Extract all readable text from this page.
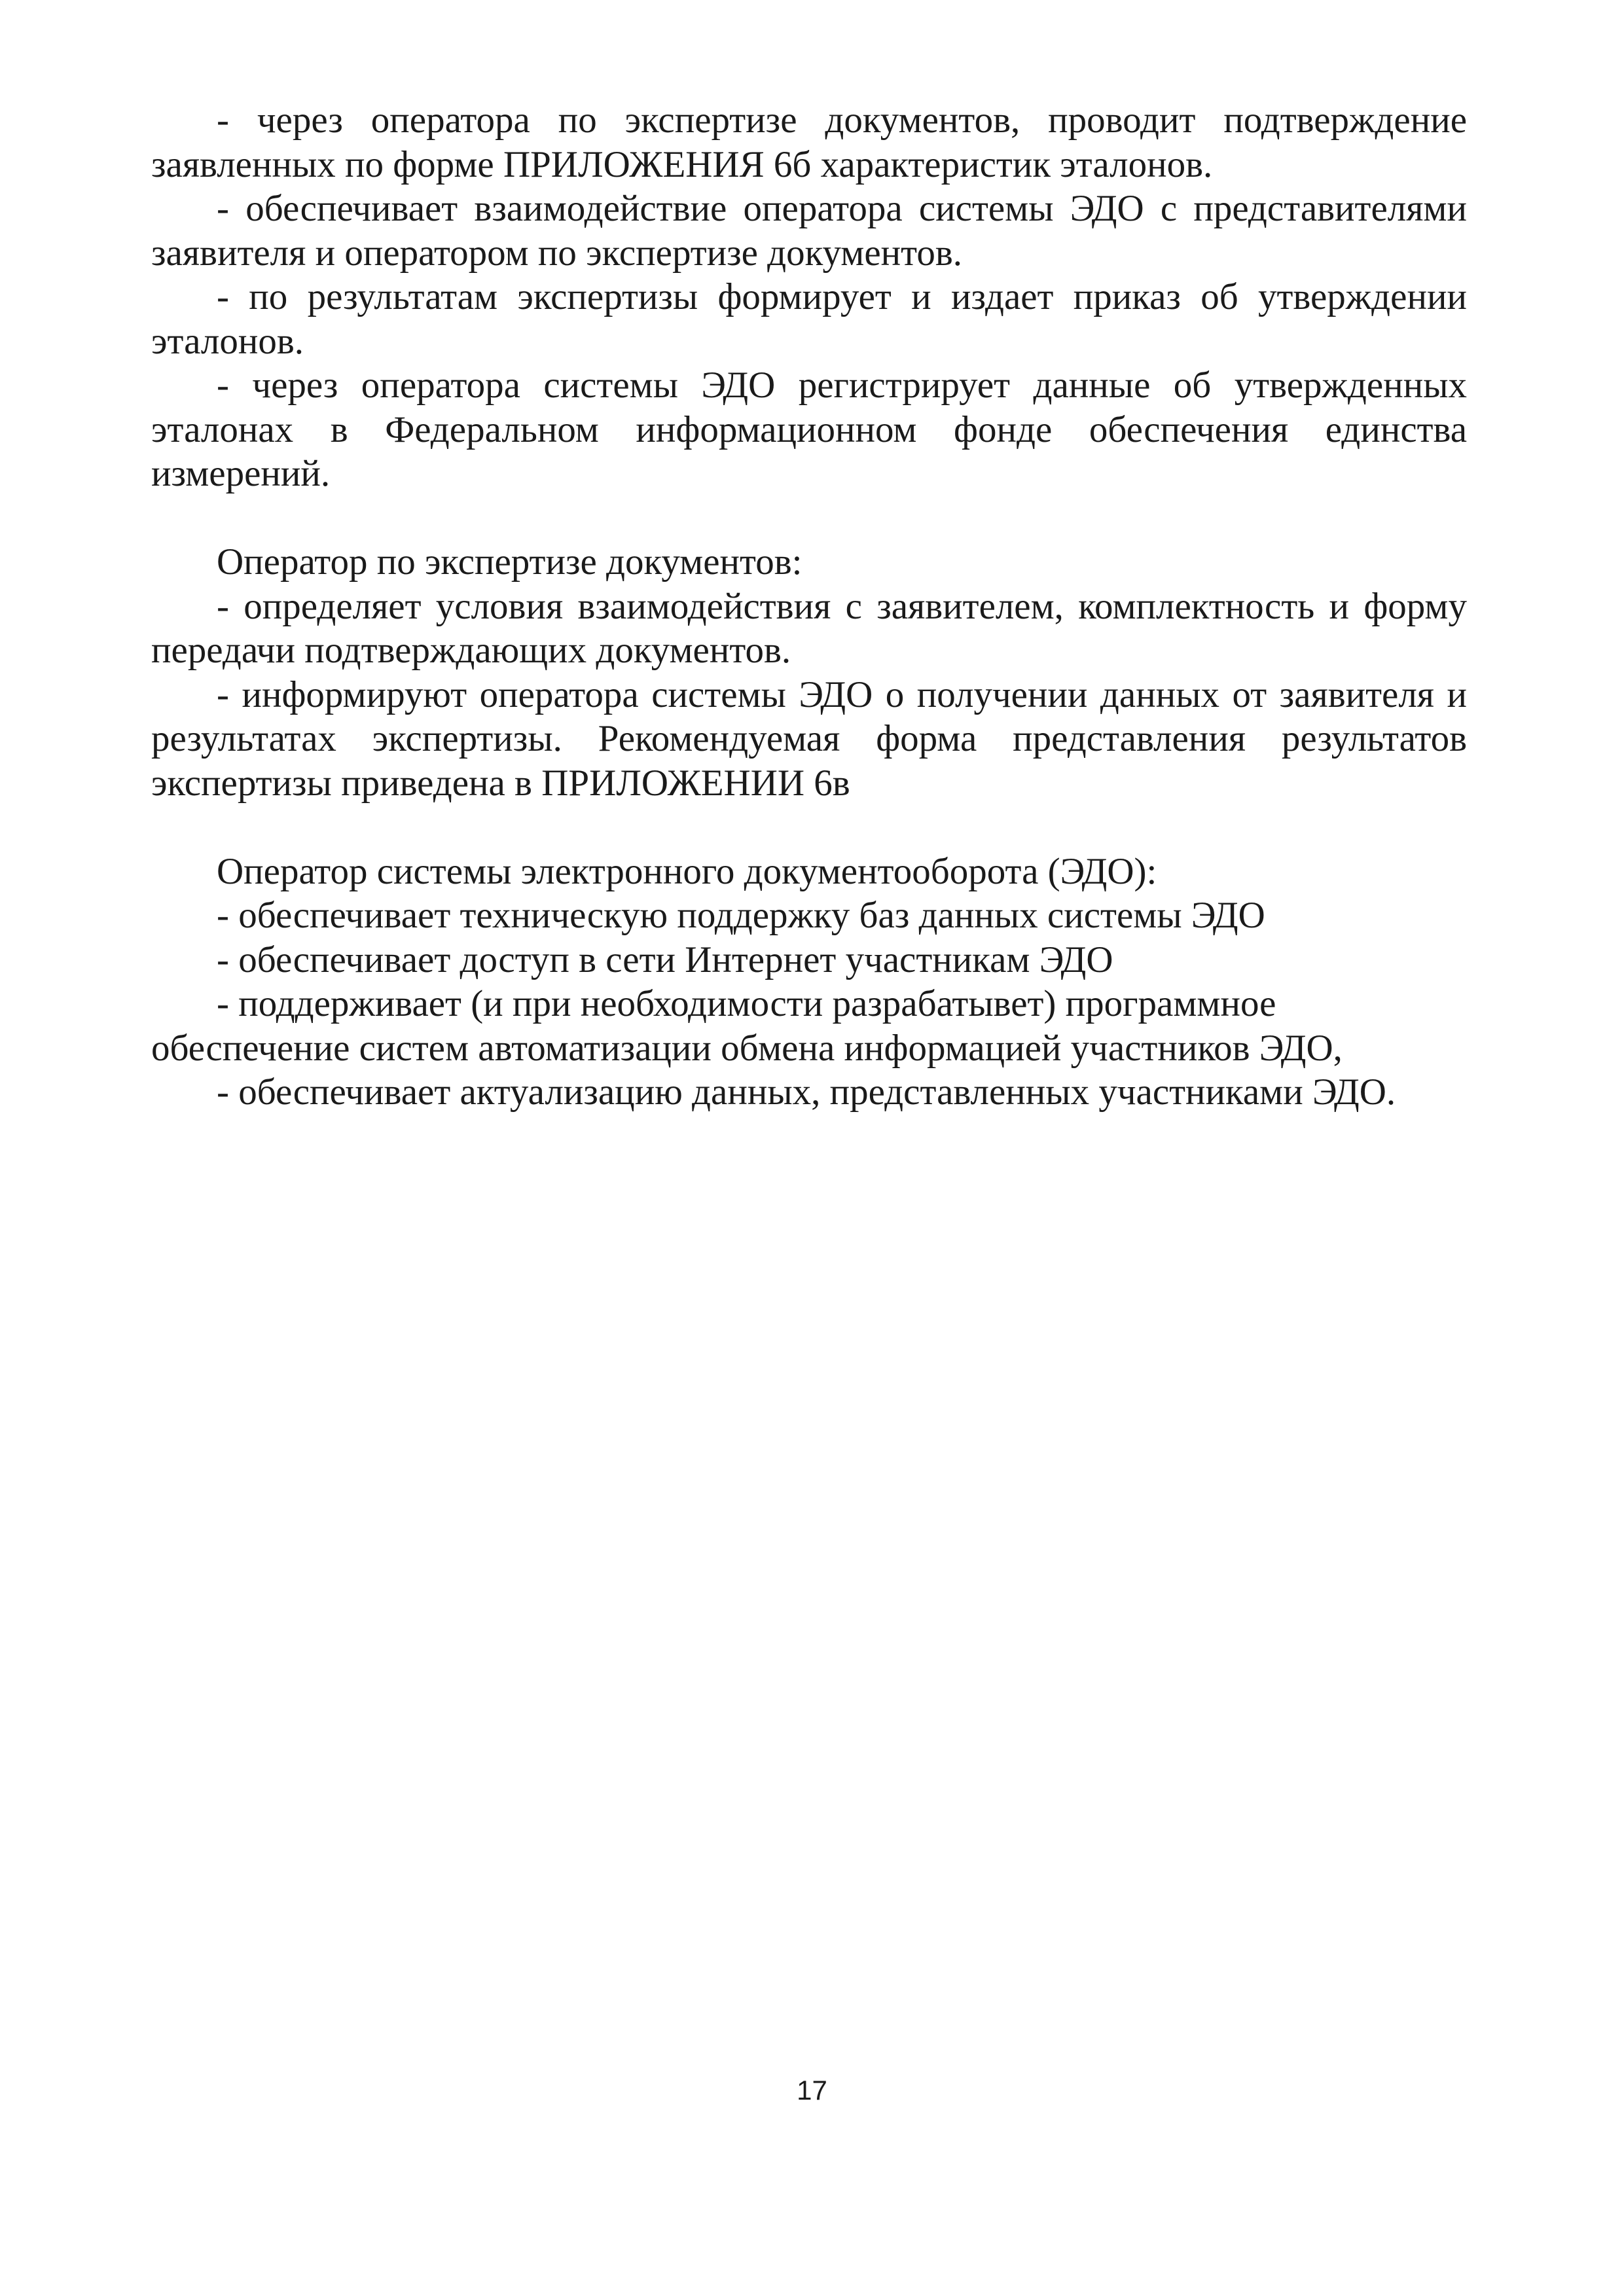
- через оператора по экспертизе документов, проводит подтверждение заявленных по форме ПРИЛОЖЕНИЯ 6б характеристик эталонов.

- обеспечивает взаимодействие оператора системы ЭДО с представителями заявителя и оператором по экспертизе документов.

- по результатам экспертизы формирует и издает приказ об утверждении эталонов.

- через оператора системы ЭДО регистрирует данные об утвержденных эталонах в Федеральном информационном фонде обеспечения единства измерений.

Оператор по экспертизе документов:

- определяет условия взаимодействия с заявителем, комплектность и форму передачи подтверждающих документов.

- информируют оператора системы ЭДО о получении данных от заявителя и результатах экспертизы. Рекомендуемая форма представления результатов экспертизы приведена в ПРИЛОЖЕНИИ 6в

Оператор системы электронного документооборота (ЭДО):

- обеспечивает техническую поддержку баз данных системы ЭДО

- обеспечивает доступ в сети Интернет участникам ЭДО

- поддерживает (и при необходимости разрабатывет) программное обеспечение систем автоматизации обмена информацией участников ЭДО,

- обеспечивает актуализацию данных, представленных участниками ЭДО.

17
